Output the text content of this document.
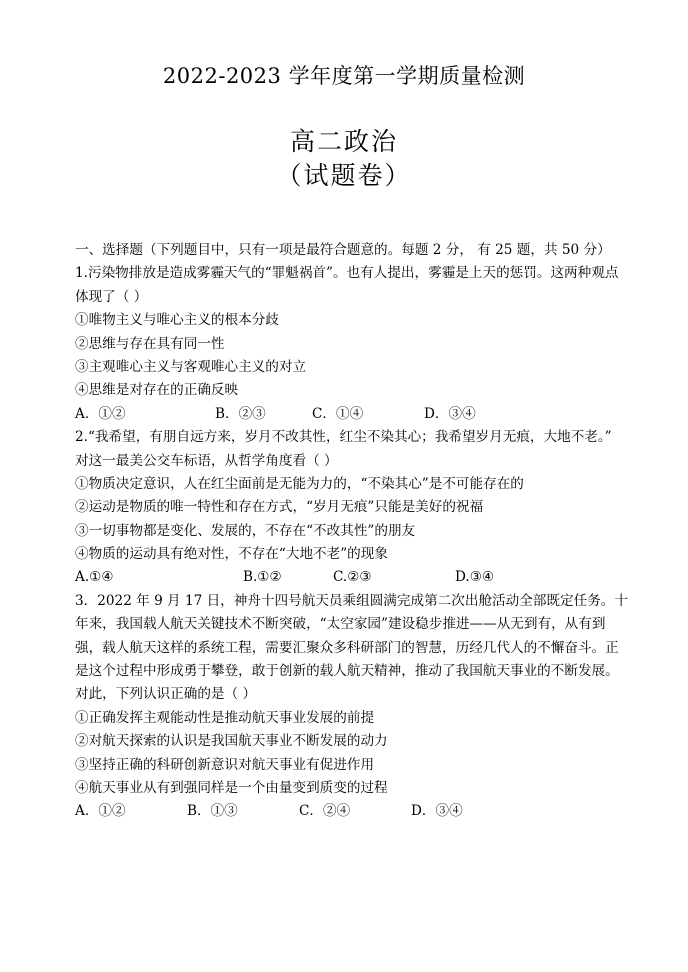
2022-2023 学年度第一学期质量检测
高二政治
（试题卷）
一、选择题（下列题目中，只有一项是最符合题意的。每题 2 分， 有 25 题，共 50 分）
1.污染物排放是造成雾霾天气的“罪魁祸首”。也有人提出，雾霾是上天的惩罚。这两种观点
体现了（ ）
①唯物主义与唯心主义的根本分歧
②思维与存在具有同一性
③主观唯心主义与客观唯心主义的对立
④思维是对存在的正确反映
A．①②	B．②③	C．①④	D．③④
2.“我希望，有朋自远方来，岁月不改其性，红尘不染其心；我希望岁月无痕，大地不老。”
对这一最美公交车标语，从哲学角度看（ ）
①物质决定意识，人在红尘面前是无能为力的，“不染其心”是不可能存在的
②运动是物质的唯一特性和存在方式，“岁月无痕”只能是美好的祝福
③一切事物都是变化、发展的，不存在“不改其性”的朋友
④物质的运动具有绝对性，不存在“大地不老”的现象
A.①④	B.①②	C.②③	D.③④
3．2022 年 9 月 17 日，神舟十四号航天员乘组圆满完成第二次出舱活动全部既定任务。十
年来，我国载人航天关键技术不断突破，“太空家园”建设稳步推进——从无到有，从有到
强，载人航天这样的系统工程，需要汇聚众多科研部门的智慧，历经几代人的不懈奋斗。正
是这个过程中形成勇于攀登，敢于创新的载人航天精神，推动了我国航天事业的不断发展。
对此，下列认识正确的是（ ）
①正确发挥主观能动性是推动航天事业发展的前提
②对航天探索的认识是我国航天事业不断发展的动力
③坚持正确的科研创新意识对航天事业有促进作用
④航天事业从有到强同样是一个由量变到质变的过程
A．①②	B．①③	C．②④	D．③④
